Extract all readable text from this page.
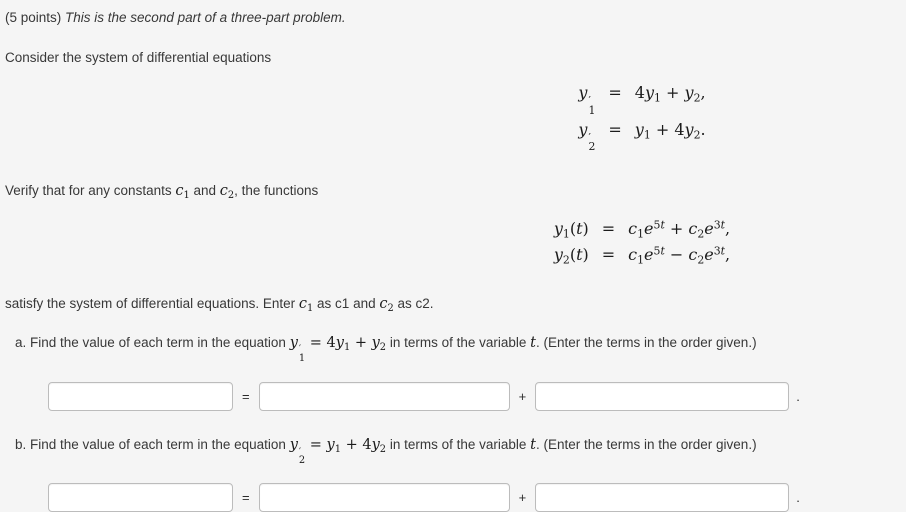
(5 points) This is the second part of a three-part problem.
Consider the system of differential equations
y ′
1
= $4y_1 + y_2$,
y ′
2
= $y_1 + 4y_2$.
Verify that for any constants $c_1$ and $c_2$, the functions
$y_1(t) = c_1e^{5t} + c_2e^{3t}$,
$y_2(t) = c_1e^{5t} - c_2e^{3t}$,
satisfy the system of differential equations. Enter $c_1$ as c1 and $c_2$ as c2.
a. Find the value of each term in the equation y ′
1
= $4y_1 + y_2$ in terms of the variable t. (Enter the terms in the order given.)
=	+	.
b. Find the value of each term in the equation y ′
2
= $y_1 + 4y_2$ in terms of the variable t. (Enter the terms in the order given.)
=	+	.
